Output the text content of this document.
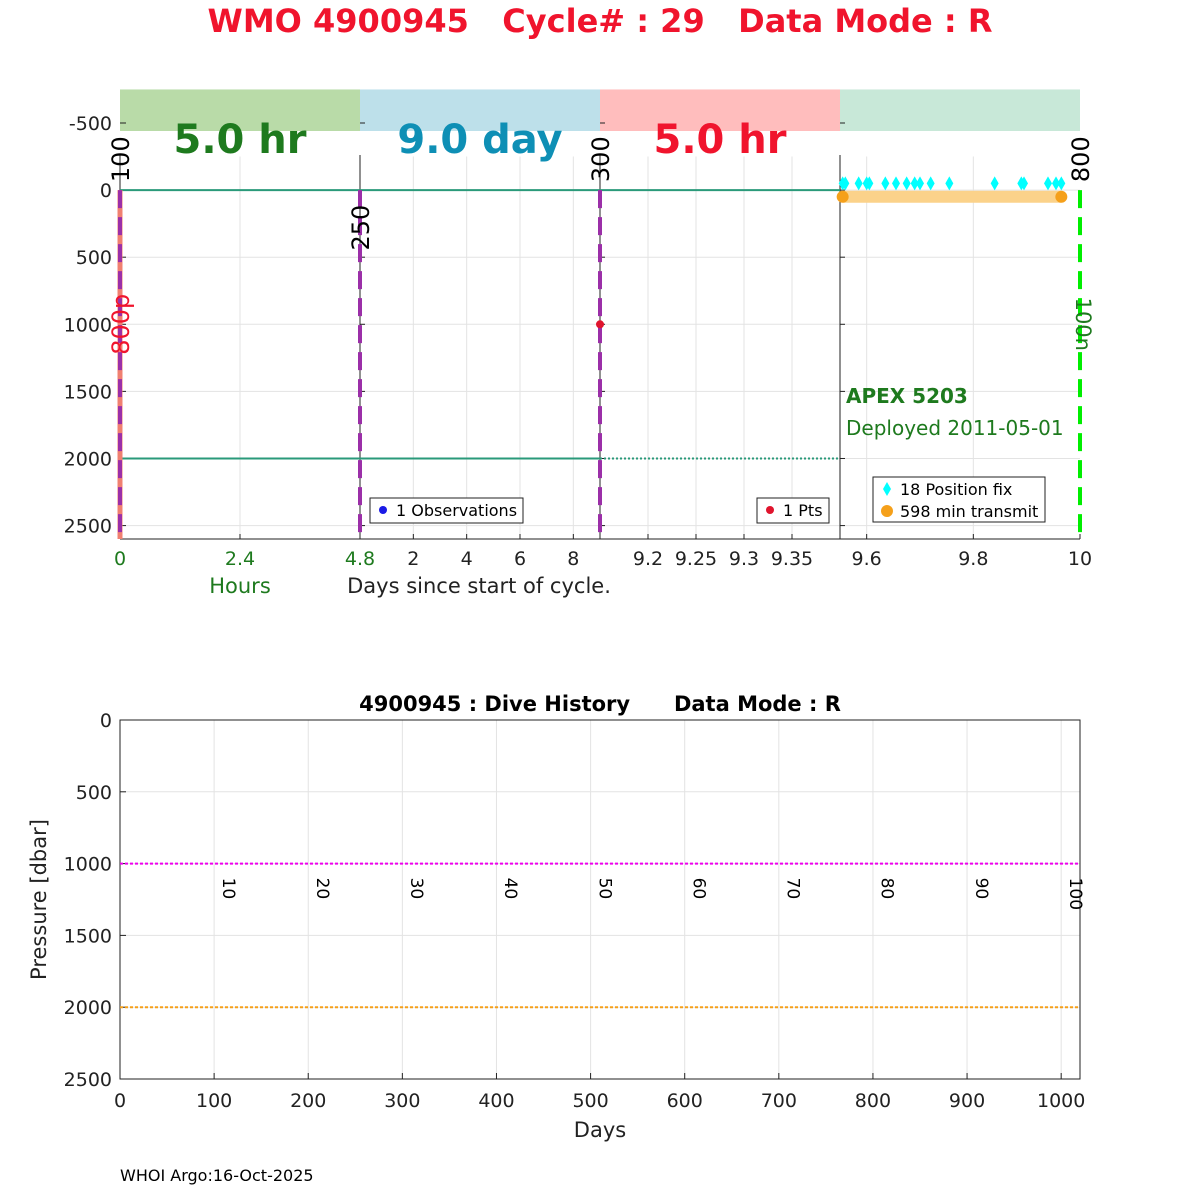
WMO 4900945   Cycle# : 29   Data Mode : R
5.0 hr 9.0 day 5.0 hr
-500
0
500
1000
1500
2000
2500
0	2.4	4.8 2 4 6 8	9.2 9.25 9.3 9.35 9.6	9.8	10
Hours	Days since start of cycle.
100
250
300	800
800p	100n
1 Observations	1 Pts
APEX 5203
Deployed 2011-05-01
18 Position fix
598 min transmit
4900945 : Dive History      Data Mode : R
0	100	200	300	400	500	600	700	800	900	1000
0
500
1000
1500
2000
2500
10	20	30	40	50	60	70	80	90	100
Days
Pressure [dbar]
WHOI Argo:16-Oct-2025
